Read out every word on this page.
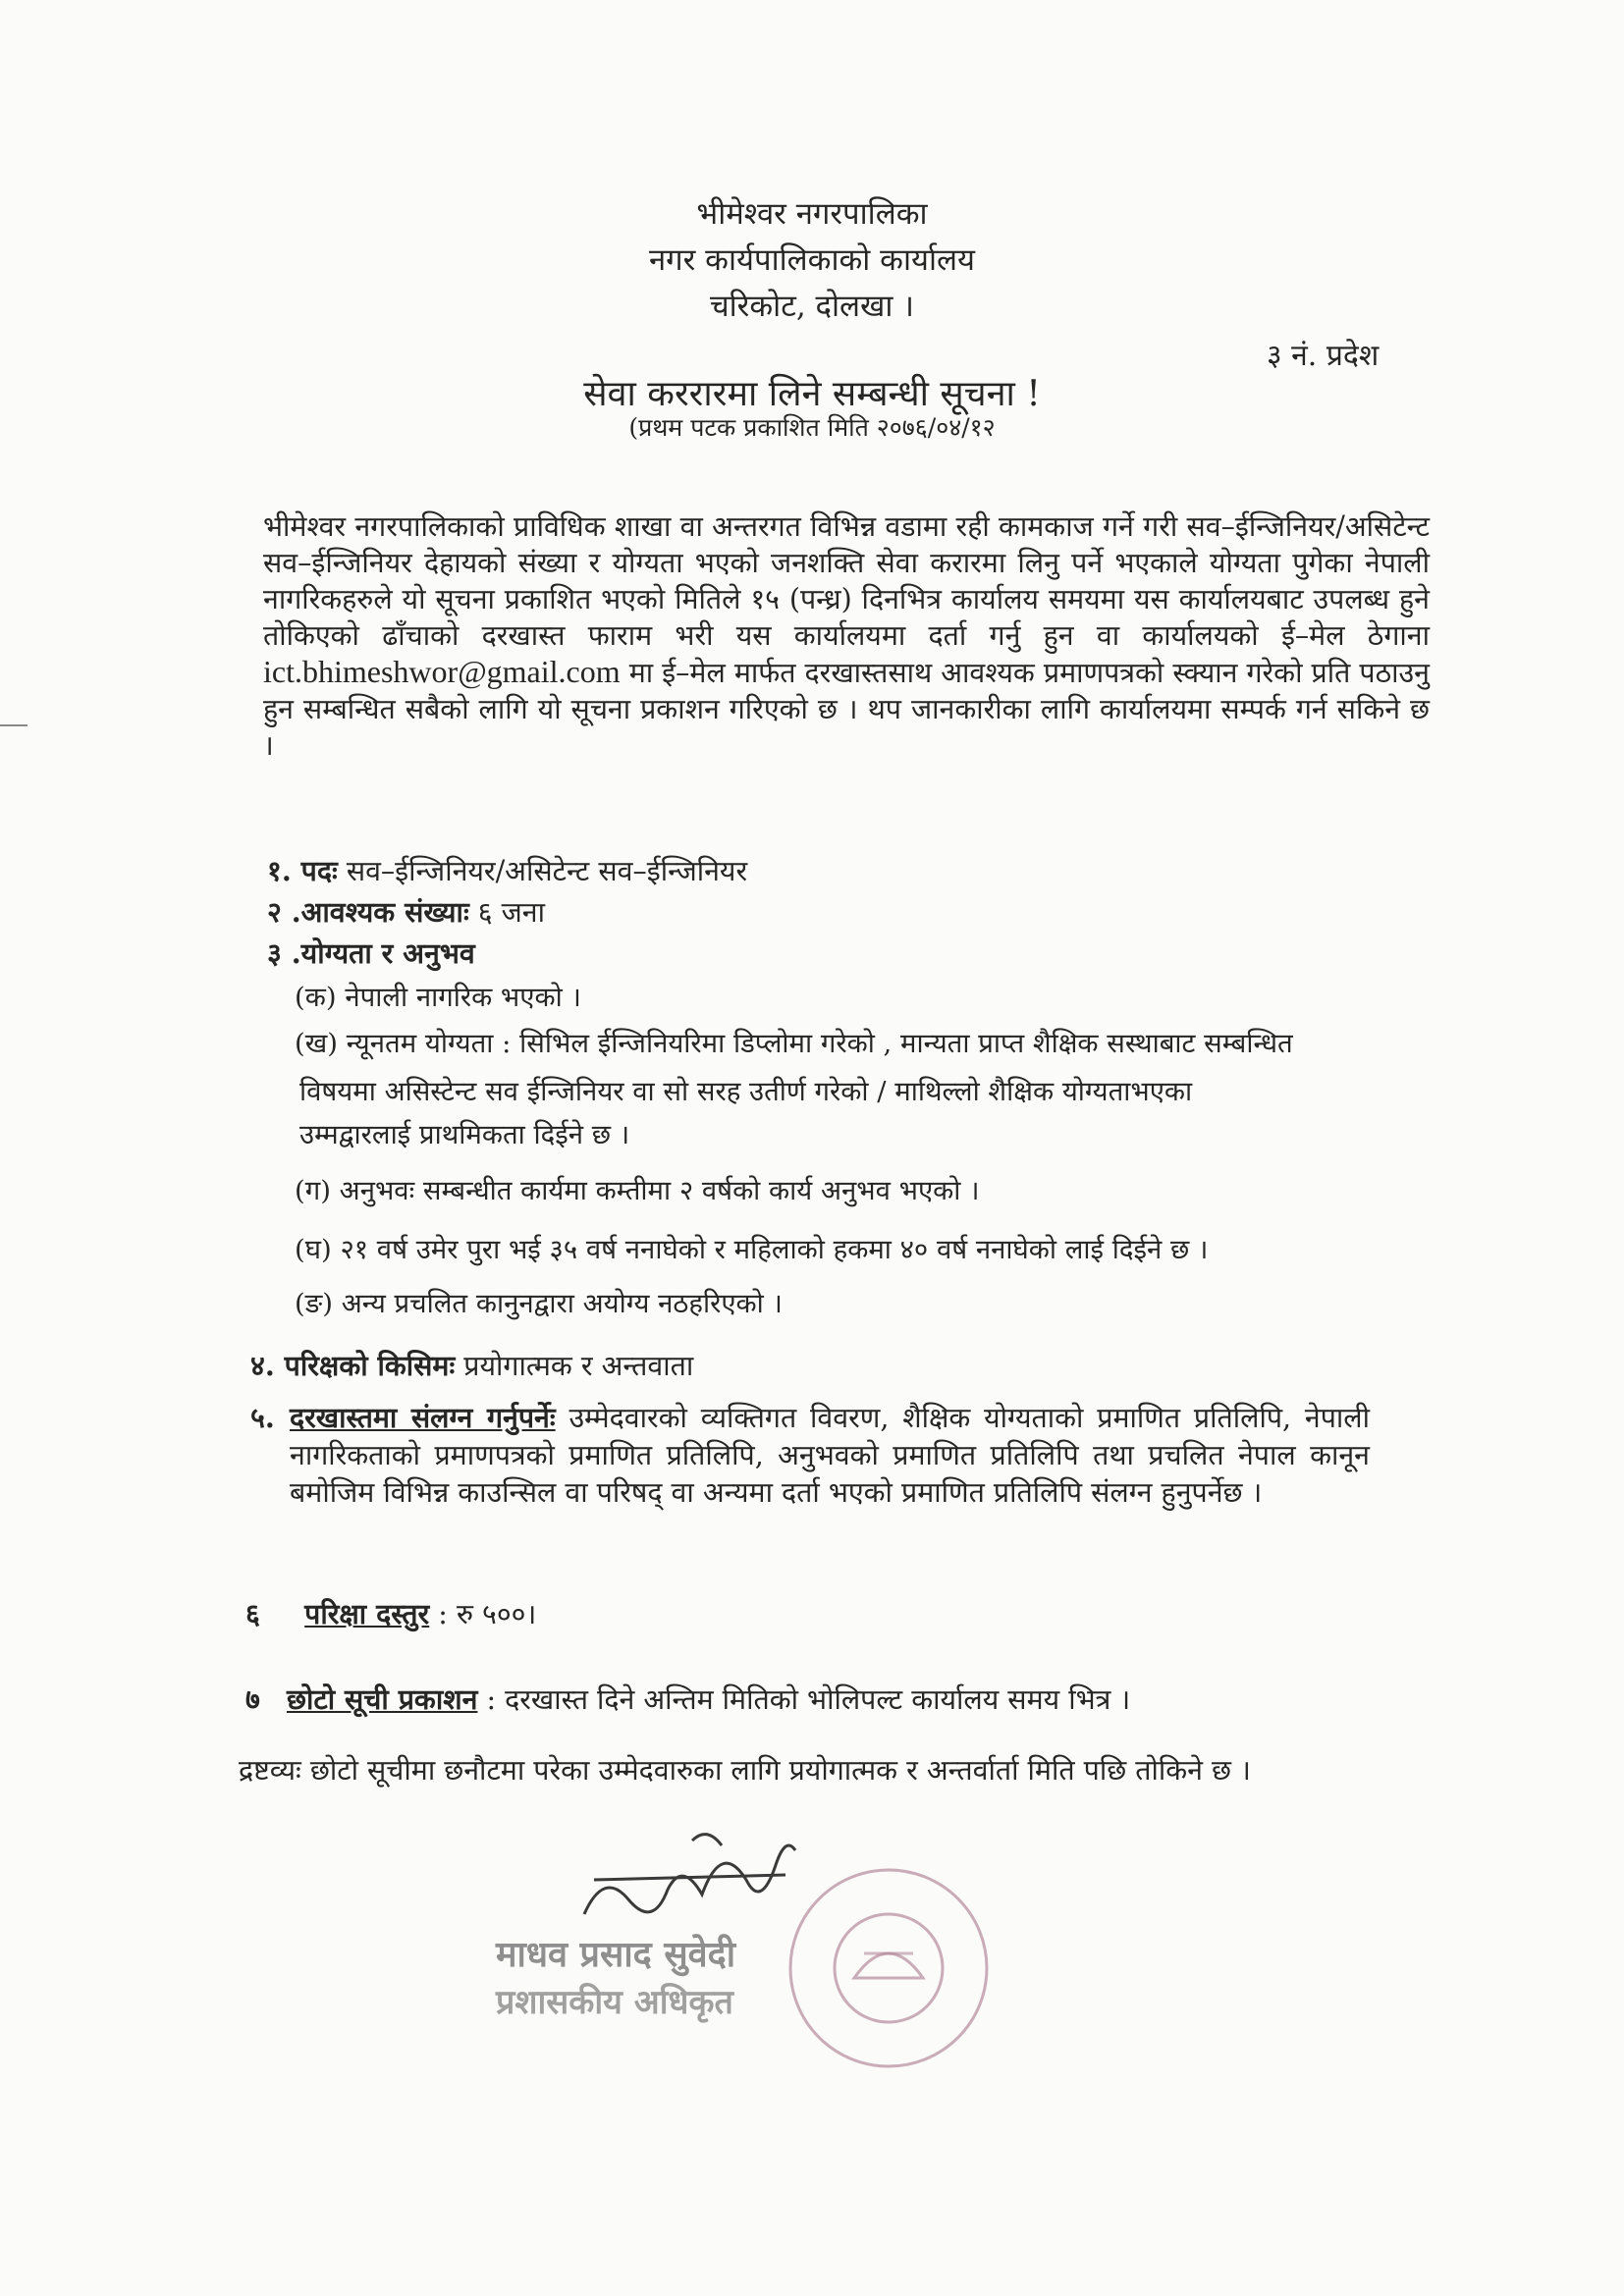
भीमेश्वर नगरपालिका
नगर कार्यपालिकाको कार्यालय
चरिकोट, दोलखा ।
३ नं. प्रदेश
सेवा कररारमा लिने सम्बन्धी सूचना !
(प्रथम पटक प्रकाशित मिति २०७६/०४/१२
भीमेश्वर नगरपालिकाको प्राविधिक शाखा वा अन्तरगत विभिन्न वडामा रही कामकाज गर्ने गरी सव–ईन्जिनियर/असिटेन्ट सव–ईन्जिनियर देहायको संख्या र योग्यता भएको जनशक्ति सेवा करारमा लिनु पर्ने भएकाले योग्यता पुगेका नेपाली नागरिकहरुले यो सूचना प्रकाशित भएको मितिले १५ (पन्ध्र) दिनभित्र कार्यालय समयमा यस कार्यालयबाट उपलब्ध हुने तोकिएको ढाँचाको दरखास्त फाराम भरी यस कार्यालयमा दर्ता गर्नु हुन वा कार्यालयको ई–मेल ठेगाना ict.bhimeshwor@gmail.com मा ई–मेल मार्फत दरखास्तसाथ आवश्यक प्रमाणपत्रको स्क्यान गरेको प्रति पठाउनु हुन सम्बन्धित सबैको लागि यो सूचना प्रकाशन गरिएको छ । थप जानकारीका लागि कार्यालयमा सम्पर्क गर्न सकिने छ ।
१. पदः सव–ईन्जिनियर/असिटेन्ट सव–ईन्जिनियर
२ .आवश्यक संख्याः ६ जना
३ .योग्यता र अनुभव
(क) नेपाली नागरिक भएको ।
(ख) न्यूनतम योग्यता : सिभिल ईन्जिनियरिमा डिप्लोमा गरेको , मान्यता प्राप्त शैक्षिक सस्थाबाट सम्बन्धित
विषयमा असिस्टेन्ट सव ईन्जिनियर वा सो सरह उतीर्ण गरेको / माथिल्लो शैक्षिक योग्यताभएका
उम्मद्वारलाई प्राथमिकता दिईने छ ।
(ग) अनुभवः सम्बन्धीत कार्यमा कम्तीमा २ वर्षको कार्य अनुभव भएको ।
(घ) २१ वर्ष उमेर पुरा भई ३५ वर्ष ननाघेको र महिलाको हकमा ४० वर्ष ननाघेको लाई दिईने छ ।
(ङ) अन्य प्रचलित कानुनद्वारा अयोग्य नठहरिएको ।
४. परिक्षको किसिमः प्रयोगात्मक र अन्तवाता
५. दरखास्तमा संलग्न गर्नुपर्नेः उम्मेदवारको व्यक्तिगत विवरण, शैक्षिक योग्यताको प्रमाणित प्रतिलिपि, नेपाली नागरिकताको प्रमाणपत्रको प्रमाणित प्रतिलिपि, अनुभवको प्रमाणित प्रतिलिपि तथा प्रचलित नेपाल कानून बमोजिम विभिन्न काउन्सिल वा परिषद् वा अन्यमा दर्ता भएको प्रमाणित प्रतिलिपि संलग्न हुनुपर्नेछ ।
६ परिक्षा दस्तुर : रु ५००।
७ छोटो सूची प्रकाशन : दरखास्त दिने अन्तिम मितिको भोलिपल्ट कार्यालय समय भित्र ।
द्रष्टव्यः छोटो सूचीमा छनौटमा परेका उम्मेदवारुका लागि प्रयोगात्मक र अन्तर्वार्ता मिति पछि तोकिने छ ।
माधव प्रसाद सुवेदी
प्रशासकीय अधिकृत
